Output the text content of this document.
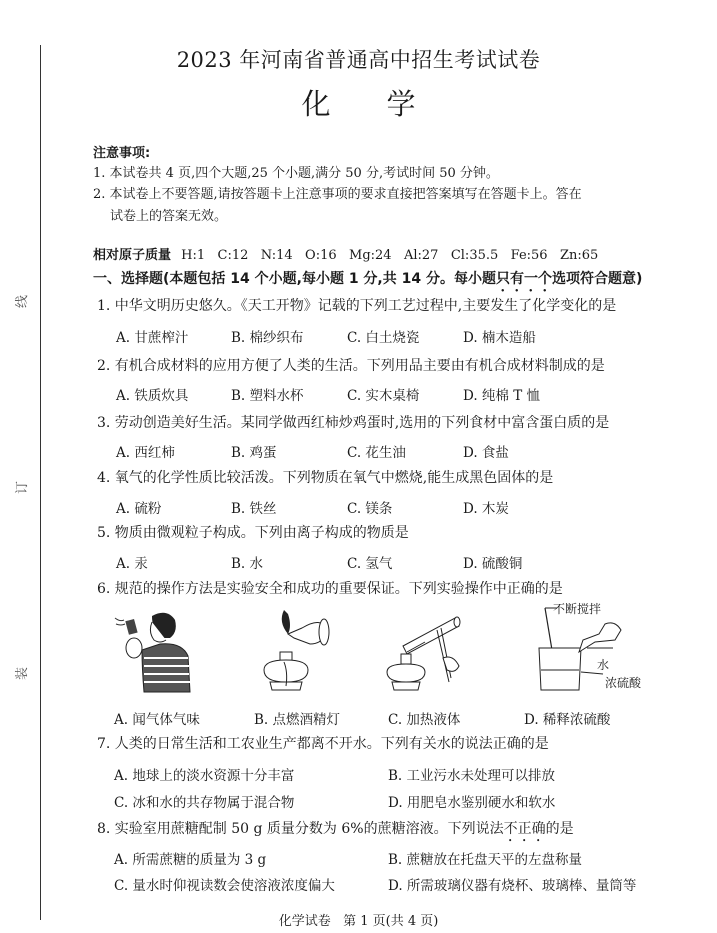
线
订
装
2023 年河南省普通高中招生考试试卷
化 学
注意事项:
1. 本试卷共 4 页,四个大题,25 个小题,满分 50 分,考试时间 50 分钟。
2. 本试卷上不要答题,请按答题卡上注意事项的要求直接把答案填写在答题卡上。答在
试卷上的答案无效。
相对原子质量 H:1   C:12   N:14   O:16   Mg:24   Al:27   Cl:35.5   Fe:56   Zn:65
一、选择题(本题包括 14 个小题,每小题 1 分,共 14 分。每小题只有一个选项符合题意)
1. 中华文明历史悠久。《天工开物》记载的下列工艺过程中,主要发生了化学变化的是
A. 甘蔗榨汁	B. 棉纱织布	C. 白土烧瓷	D. 楠木造船
2. 有机合成材料的应用方便了人类的生活。下列用品主要由有机合成材料制成的是
A. 铁质炊具	B. 塑料水杯	C. 实木桌椅	D. 纯棉 T 恤
3. 劳动创造美好生活。某同学做西红柿炒鸡蛋时,选用的下列食材中富含蛋白质的是
A. 西红柿	B. 鸡蛋	C. 花生油	D. 食盐
4. 氧气的化学性质比较活泼。下列物质在氧气中燃烧,能生成黑色固体的是
A. 硫粉	B. 铁丝	C. 镁条	D. 木炭
5. 物质由微观粒子构成。下列由离子构成的物质是
A. 汞	B. 水	C. 氢气	D. 硫酸铜
6. 规范的操作方法是实验安全和成功的重要保证。下列实验操作中正确的是
不断搅拌
水
浓硫酸
A. 闻气体气味	B. 点燃酒精灯	C. 加热液体	D. 稀释浓硫酸
7. 人类的日常生活和工农业生产都离不开水。下列有关水的说法正确的是
A. 地球上的淡水资源十分丰富	B. 工业污水未处理可以排放
C. 冰和水的共存物属于混合物	D. 用肥皂水鉴别硬水和软水
8. 实验室用蔗糖配制 50 g 质量分数为 6%的蔗糖溶液。下列说法不正确的是
A. 所需蔗糖的质量为 3 g	B. 蔗糖放在托盘天平的左盘称量
C. 量水时仰视读数会使溶液浓度偏大	D. 所需玻璃仪器有烧杯、玻璃棒、量筒等
化学试卷   第 1 页(共 4 页)
